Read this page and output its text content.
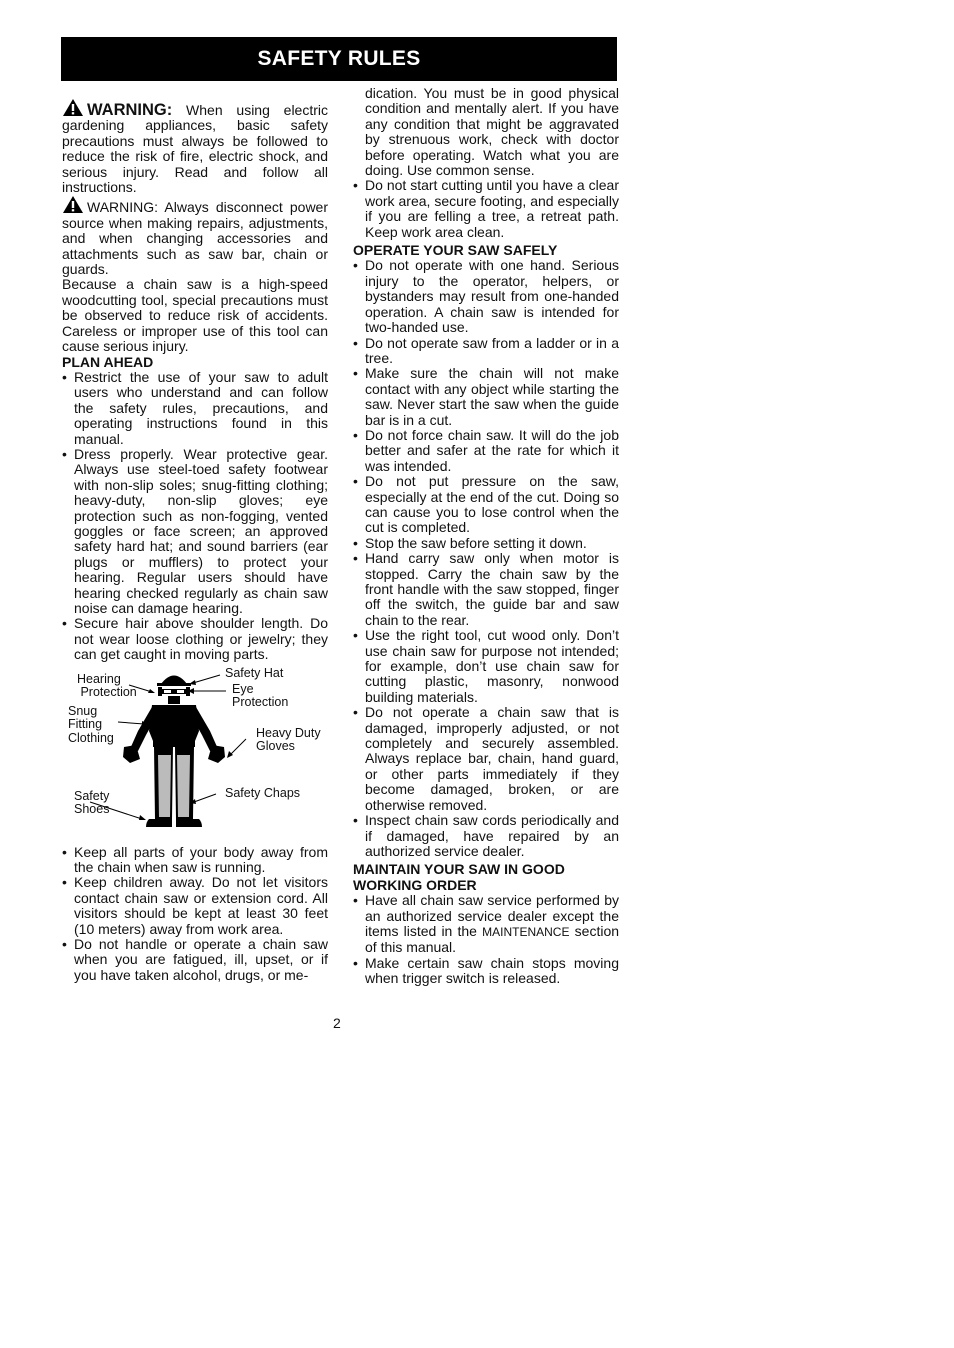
SAFETY RULES

WARNING: When using electric gardening appliances, basic safety precautions must always be followed to reduce the risk of fire, electric shock, and serious injury. Read and follow all instructions.

WARNING: Always disconnect power source when making repairs, adjustments, and when changing accessories and attachments such as saw bar, chain or guards.

Because a chain saw is a high-speed woodcutting tool, special precautions must be observed to reduce risk of accidents. Careless or improper use of this tool can cause serious injury.

PLAN AHEAD

• Restrict the use of your saw to adult users who understand and can follow the safety rules, precautions, and operating instructions found in this manual.
• Dress properly. Wear protective gear. Always use steel-toed safety footwear with non-slip soles; snug-fitting clothing; heavy-duty, non-slip gloves; eye protection such as non-fogging, vented goggles or face screen; an approved safety hard hat; and sound barriers (ear plugs or mufflers) to protect your hearing. Regular users should have hearing checked regularly as chain saw noise can damage hearing.
• Secure hair above shoulder length. Do not wear loose clothing or jewelry; they can get caught in moving parts.
Hearing
Protection
Safety Hat
Eye
Protection
Snug
Fitting
Clothing	Heavy Duty
Gloves
Safety
Shoes
Safety Chaps
• Keep all parts of your body away from the chain when saw is running.
• Keep children away. Do not let visitors contact chain saw or extension cord. All visitors should be kept at least 30 feet (10 meters) away from work area.
• Do not handle or operate a chain saw when you are fatigued, ill, upset, or if you have taken alcohol, drugs, or me-

dication. You must be in good physical condition and mentally alert. If you have any condition that might be aggravated by strenuous work, check with doctor before operating. Watch what you are doing. Use common sense.

• Do not start cutting until you have a clear work area, secure footing, and especially if you are felling a tree, a retreat path. Keep work area clean.

OPERATE YOUR SAW SAFELY

• Do not operate with one hand. Serious injury to the operator, helpers, or bystanders may result from one-handed operation. A chain saw is intended for two-handed use.
• Do not operate saw from a ladder or in a tree.
• Make sure the chain will not make contact with any object while starting the saw. Never start the saw when the guide bar is in a cut.
• Do not force chain saw. It will do the job better and safer at the rate for which it was intended.
• Do not put pressure on the saw, especially at the end of the cut. Doing so can cause you to lose control when the cut is completed.
• Stop the saw before setting it down.
• Hand carry saw only when motor is stopped. Carry the chain saw by the front handle with the saw stopped, finger off the switch, the guide bar and saw chain to the rear.
• Use the right tool, cut wood only. Don’t use chain saw for purpose not intended; for example, don’t use chain saw for cutting plastic, masonry, nonwood building materials.
• Do not operate a chain saw that is damaged, improperly adjusted, or not completely and securely assembled. Always replace bar, chain, hand guard, or other parts immediately if they become damaged, broken, or are otherwise removed.
• Inspect chain saw cords periodically and if damaged, have repaired by an authorized service dealer.

MAINTAIN YOUR SAW IN GOOD WORKING ORDER

• Have all chain saw service performed by an authorized service dealer except the items listed in the MAINTENANCE section of this manual.
• Make certain saw chain stops moving when trigger switch is released.
2
